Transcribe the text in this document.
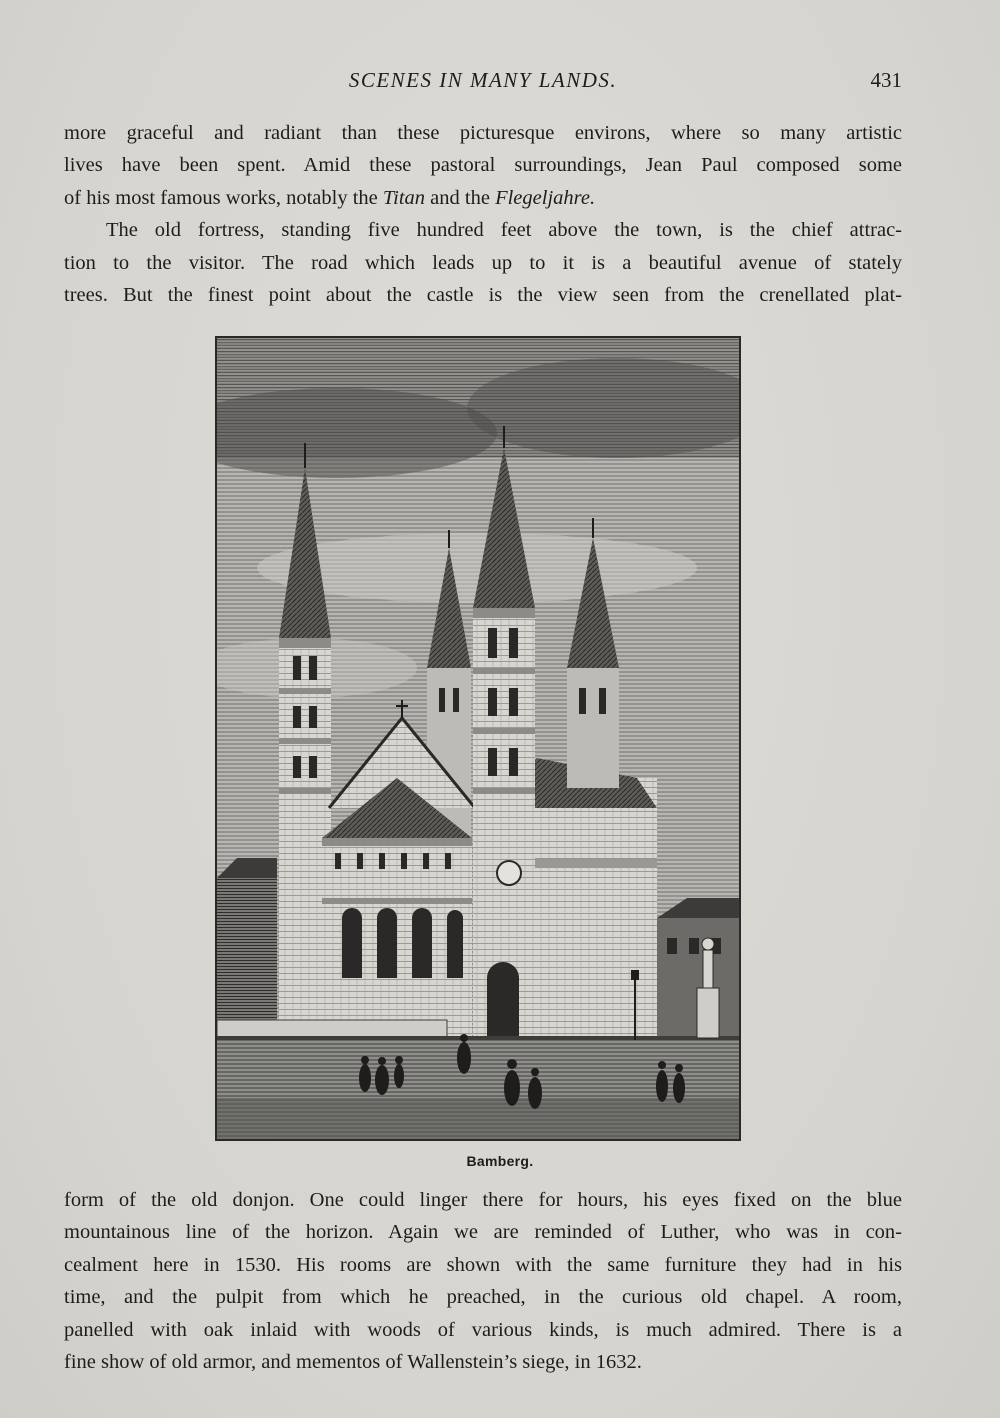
SCENES IN MANY LANDS.	431
more graceful and radiant than these picturesque environs, where so many artistic
lives have been spent. Amid these pastoral surroundings, Jean Paul composed some
of his most famous works, notably the Titan and the Flegeljahre.
The old fortress, standing five hundred feet above the town, is the chief attrac-
tion to the visitor. The road which leads up to it is a beautiful avenue of stately
trees. But the finest point about the castle is the view seen from the crenellated plat-
Bamberg.
form of the old donjon. One could linger there for hours, his eyes fixed on the blue
mountainous line of the horizon. Again we are reminded of Luther, who was in con-
cealment here in 1530. His rooms are shown with the same furniture they had in his
time, and the pulpit from which he preached, in the curious old chapel. A room,
panelled with oak inlaid with woods of various kinds, is much admired. There is a
fine show of old armor, and mementos of Wallenstein’s siege, in 1632.
